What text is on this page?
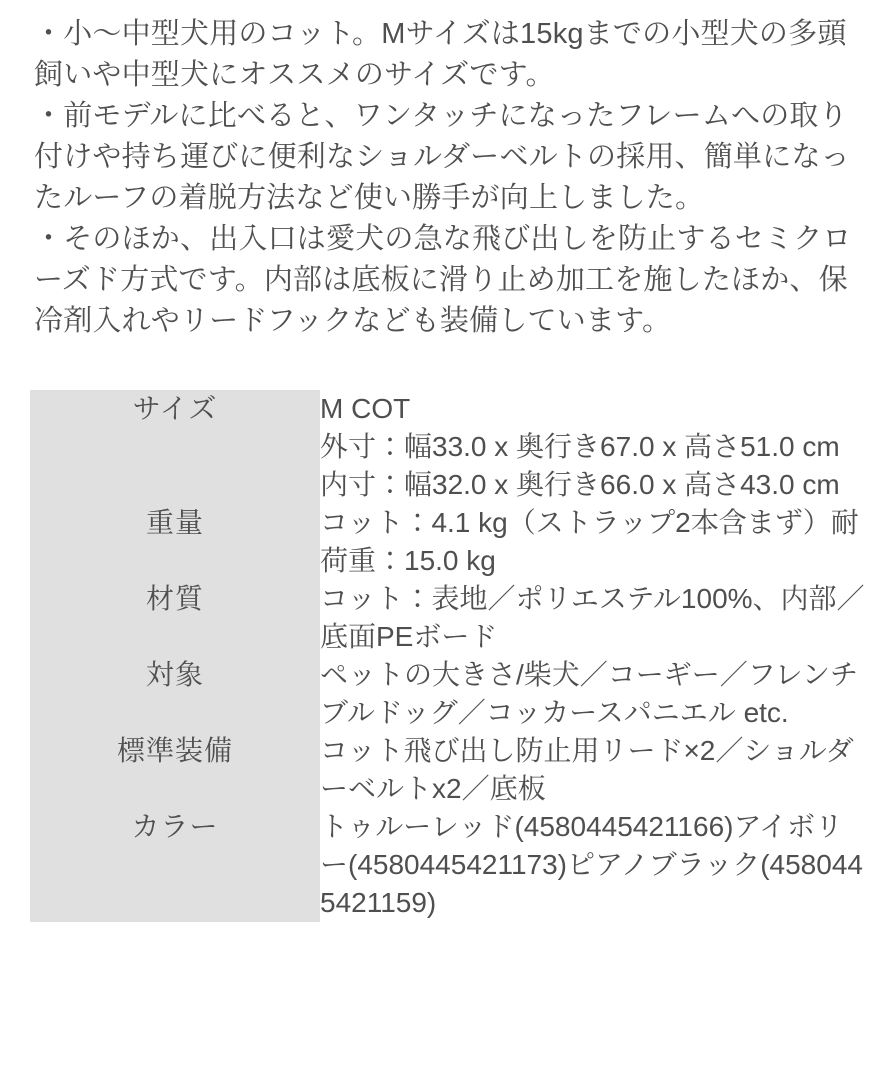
・小〜中型犬用のコット。Mサイズは15kgまでの小型犬の多頭飼いや中型犬にオススメのサイズです。

・前モデルに比べると、ワンタッチになったフレームへの取り付けや持ち運びに便利なショルダーベルトの採用、簡単になったルーフの着脱方法など使い勝手が向上しました。

・そのほか、出入口は愛犬の急な飛び出しを防止するセミクローズド方式です。内部は底板に滑り止め加工を施したほか、保冷剤入れやリードフックなども装備しています。

サイズ	M COT
外寸：幅33.0 x 奥行き67.0 x 高さ51.0 cm
内寸：幅32.0 x 奥行き66.0 x 高さ43.0 cm

重量	コット：4.1 kg（ストラップ2本含まず）耐荷重：15.0 kg

材質	コット：表地／ポリエステル100%、内部／底面PEボード

対象	ペットの大きさ/柴犬／コーギー／フレンチブルドッグ／コッカースパニエル etc.

標準装備	コット飛び出し防止用リード×2／ショルダーベルトx2／底板

カラー	トゥルーレッド(4580445421166)アイボリー(4580445421173)ピアノブラック(4580445421159)
